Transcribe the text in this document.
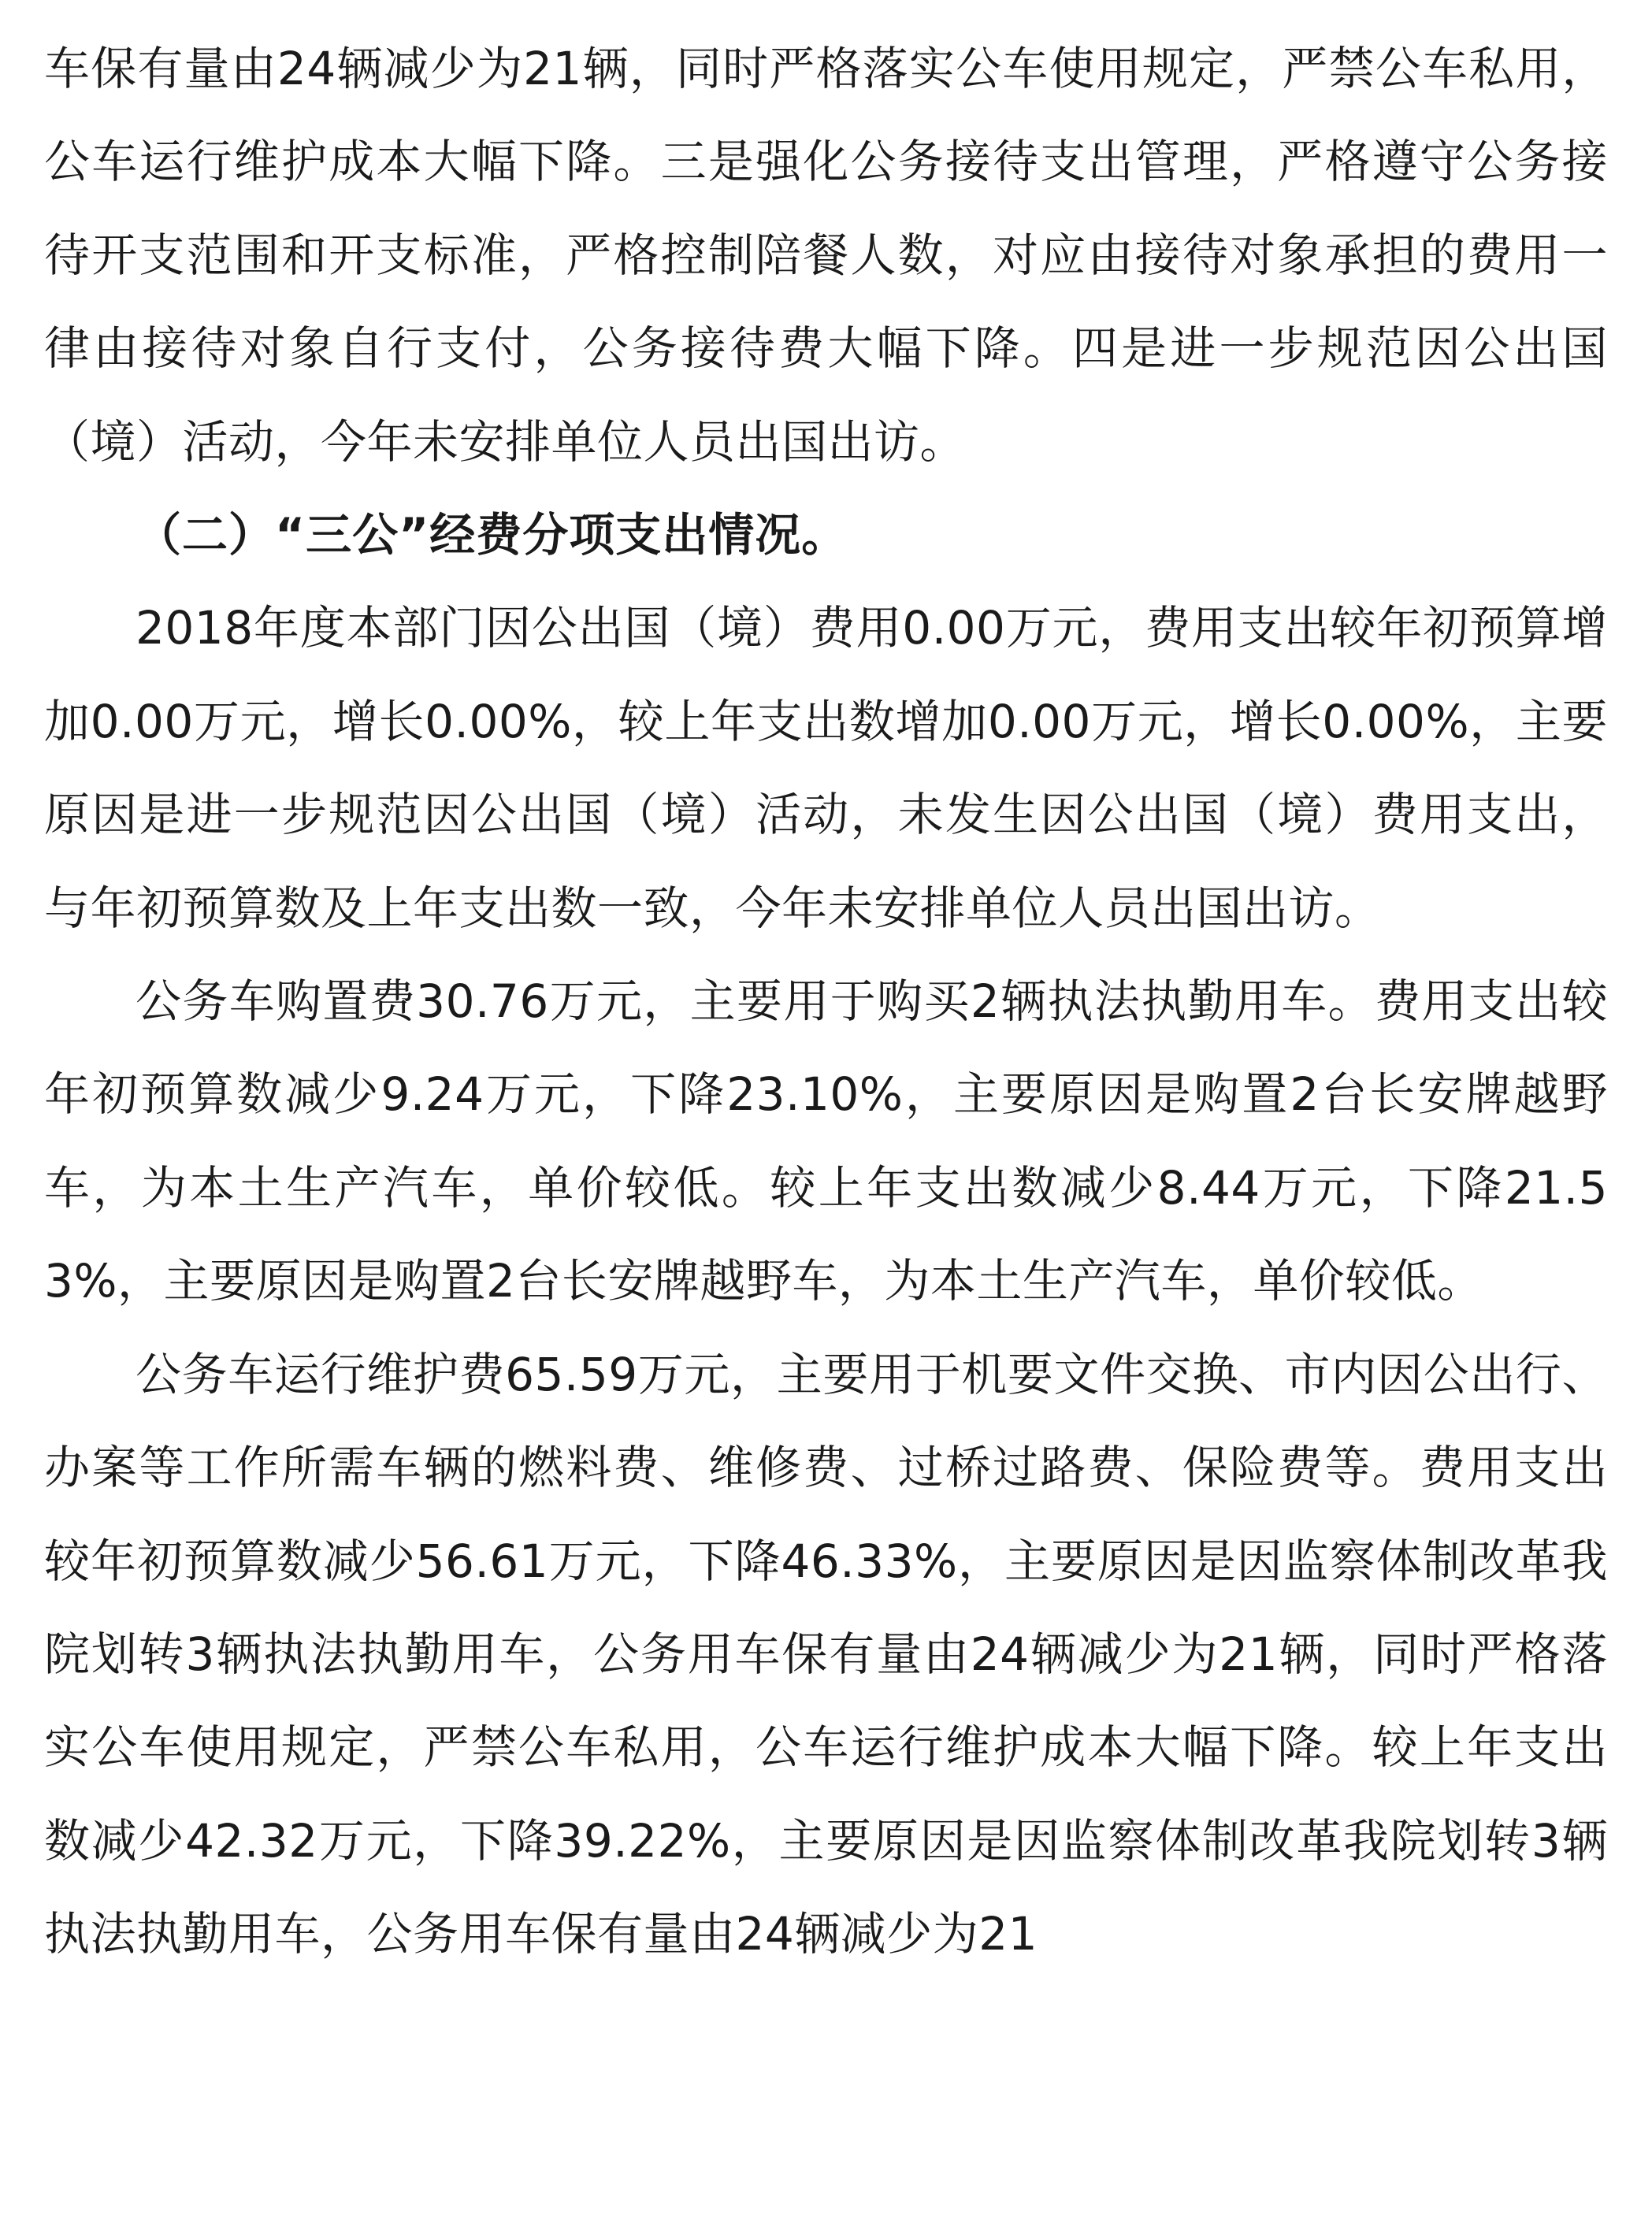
车保有量由24辆减少为21辆，同时严格落实公车使用规定，严禁公车私用，公车运行维护成本大幅下降。三是强化公务接待支出管理，严格遵守公务接待开支范围和开支标准，严格控制陪餐人数，对应由接待对象承担的费用一律由接待对象自行支付，公务接待费大幅下降。四是进一步规范因公出国（境）活动，今年未安排单位人员出国出访。

（二）“三公”经费分项支出情况。

2018年度本部门因公出国（境）费用0.00万元，费用支出较年初预算增加0.00万元，增长0.00%，较上年支出数增加0.00万元，增长0.00%，主要原因是进一步规范因公出国（境）活动，未发生因公出国（境）费用支出，与年初预算数及上年支出数一致，今年未安排单位人员出国出访。

公务车购置费30.76万元，主要用于购买2辆执法执勤用车。费用支出较年初预算数减少9.24万元，下降23.10%，主要原因是购置2台长安牌越野车，为本土生产汽车，单价较低。较上年支出数减少8.44万元，下降21.53%，主要原因是购置2台长安牌越野车，为本土生产汽车，单价较低。

公务车运行维护费65.59万元，主要用于机要文件交换、市内因公出行、办案等工作所需车辆的燃料费、维修费、过桥过路费、保险费等。费用支出较年初预算数减少56.61万元，下降46.33%，主要原因是因监察体制改革我院划转3辆执法执勤用车，公务用车保有量由24辆减少为21辆，同时严格落实公车使用规定，严禁公车私用，公车运行维护成本大幅下降。较上年支出数减少42.32万元，下降39.22%，主要原因是因监察体制改革我院划转3辆执法执勤用车，公务用车保有量由24辆减少为21
